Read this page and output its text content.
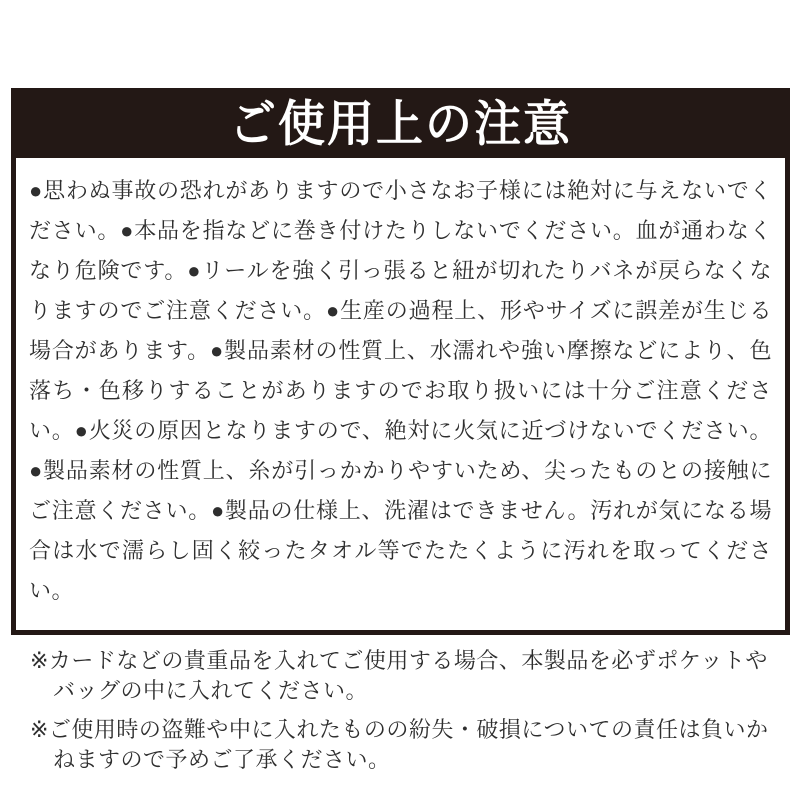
ご使用上の注意

●思わぬ事故の恐れがありますので小さなお子様には絶対に与えないでください。●本品を指などに巻き付けたりしないでください。血が通わなくなり危険です。●リールを強く引っ張ると紐が切れたりバネが戻らなくなりますのでご注意ください。●生産の過程上、形やサイズに誤差が生じる場合があります。●製品素材の性質上、水濡れや強い摩擦などにより、色落ち・色移りすることがありますのでお取り扱いには十分ご注意ください。●火災の原因となりますので、絶対に火気に近づけないでください。●製品素材の性質上、糸が引っかかりやすいため、尖ったものとの接触にご注意ください。●製品の仕様上、洗濯はできません。汚れが気になる場合は水で濡らし固く絞ったタオル等でたたくように汚れを取ってください。

※カードなどの貴重品を入れてご使用する場合、本製品を必ずポケットやバッグの中に入れてください。

※ご使用時の盗難や中に入れたものの紛失・破損についての責任は負いかねますので予めご了承ください。
